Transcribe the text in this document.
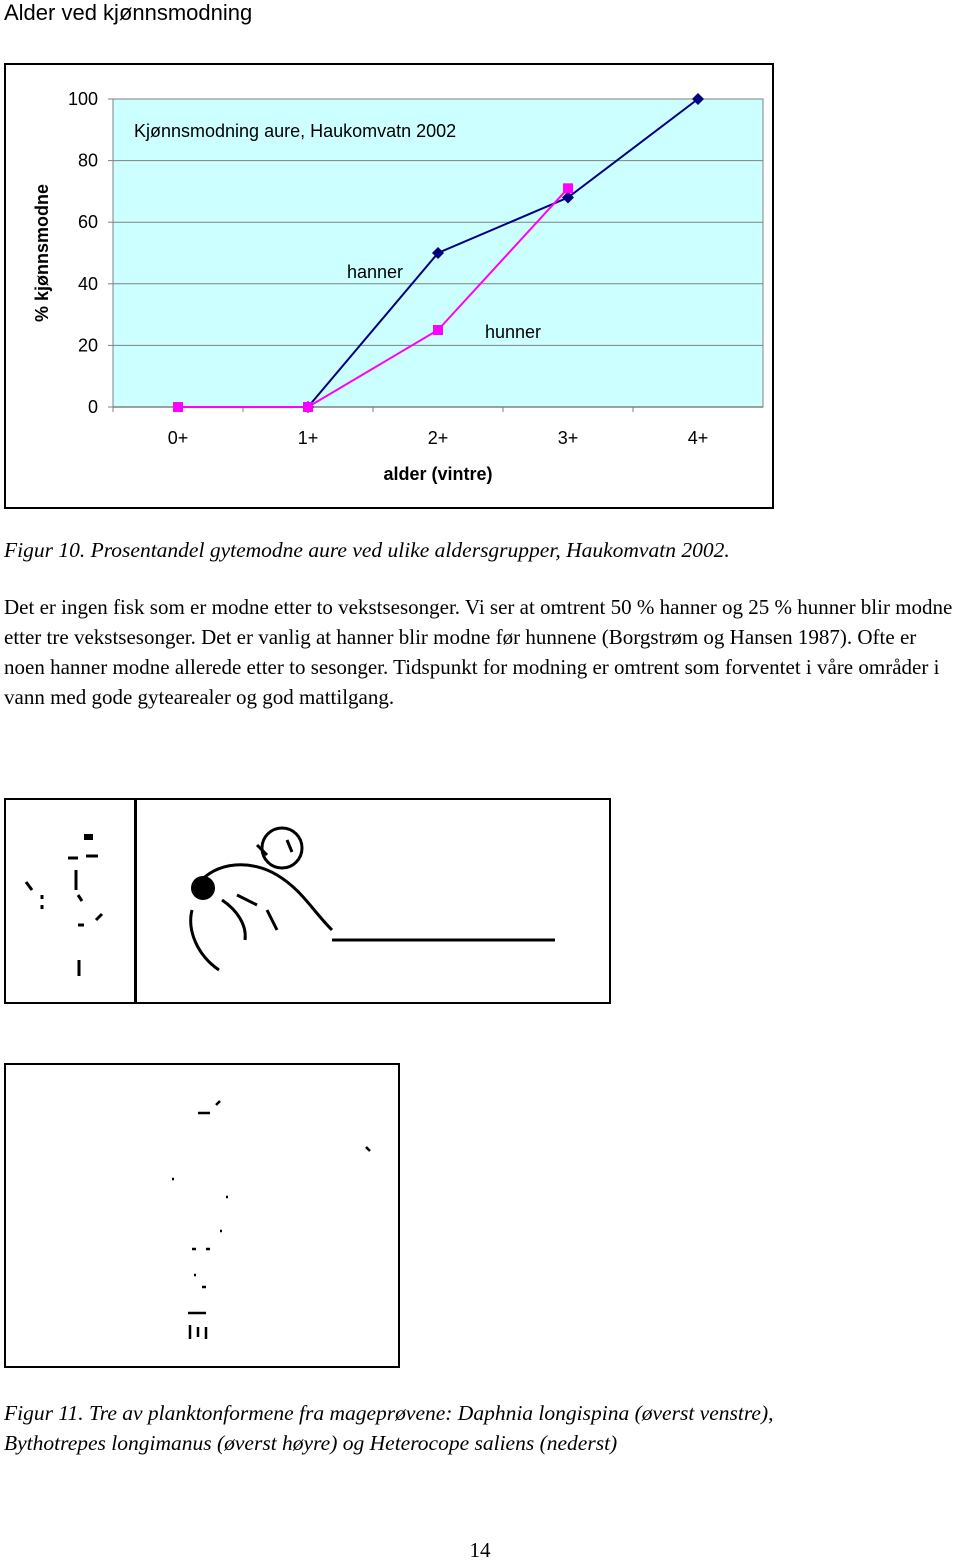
Alder ved kjønnsmodning
0
20
40
60
80
100
0+	1+	2+	3+	4+
alder (vintre)
% kjønnsmodne
Kjønnsmodning aure, Haukomvatn 2002
hanner
hunner
Figur 10. Prosentandel gytemodne aure ved ulike aldersgrupper, Haukomvatn 2002.
Det er ingen fisk som er modne etter to vekstsesonger. Vi ser at omtrent 50 % hanner og 25 % hunner blir modne etter tre vekstsesonger. Det er vanlig at hanner blir modne før hunnene (Borgstrøm og Hansen 1987). Ofte er noen hanner modne allerede etter to sesonger. Tidspunkt for modning er omtrent som forventet i våre områder i vann med gode gytearealer og god mattilgang.
Figur 11. Tre av planktonformene fra mageprøvene: Daphnia longispina (øverst venstre),
Bythotrepes longimanus (øverst høyre) og Heterocope saliens (nederst)
14
